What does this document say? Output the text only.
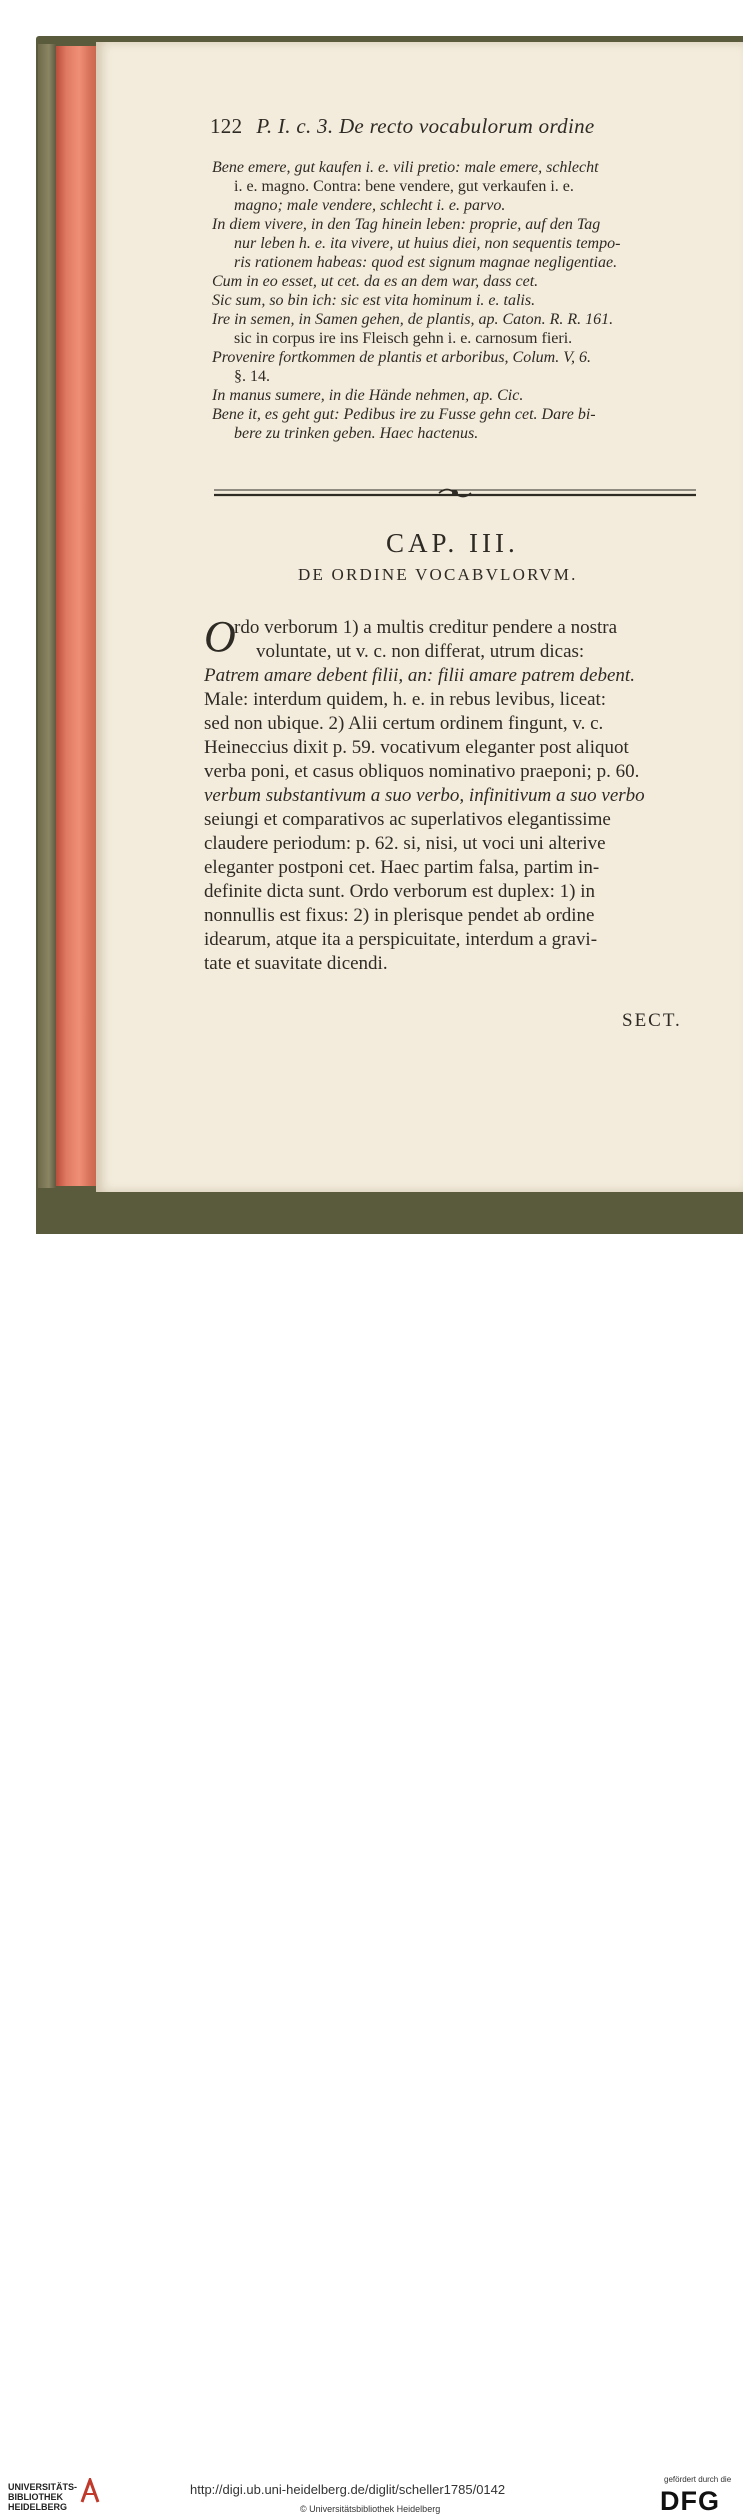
122 P. I. c. 3. De recto vocabulorum ordine
Bene emere, gut kaufen i. e. vili pretio: male emere, schlecht
i. e. magno. Contra: bene vendere, gut verkaufen i. e.
magno; male vendere, schlecht i. e. parvo.
In diem vivere, in den Tag hinein leben: proprie, auf den Tag
nur leben h. e. ita vivere, ut huius diei, non sequentis tempo-
ris rationem habeas: quod est signum magnae negligentiae.
Cum in eo esset, ut cet. da es an dem war, dass cet.
Sic sum, so bin ich: sic est vita hominum i. e. talis.
Ire in semen, in Samen gehen, de plantis, ap. Caton. R. R. 161.
sic in corpus ire ins Fleisch gehn i. e. carnosum fieri.
Provenire fortkommen de plantis et arboribus, Colum. V, 6.
§. 14.
In manus sumere, in die Hände nehmen, ap. Cic.
Bene it, es geht gut: Pedibus ire zu Fusse gehn cet. Dare bi-
bere zu trinken geben. Haec hactenus.
CAP. III.
DE ORDINE VOCABVLORVM.
O
rdo verborum 1) a multis creditur pendere a nostra
voluntate, ut v. c. non differat, utrum dicas:
Patrem amare debent filii, an: filii amare patrem debent.
Male: interdum quidem, h. e. in rebus levibus, liceat:
sed non ubique. 2) Alii certum ordinem fingunt, v. c.
Heineccius dixit p. 59. vocativum eleganter post aliquot
verba poni, et casus obliquos nominativo praeponi; p. 60.
verbum substantivum a suo verbo, infinitivum a suo verbo
seiungi et comparativos ac superlativos elegantissime
claudere periodum: p. 62. si, nisi, ut voci uni alterive
eleganter postponi cet. Haec partim falsa, partim in-
definite dicta sunt. Ordo verborum est duplex: 1) in
nonnullis est fixus: 2) in plerisque pendet ab ordine
idearum, atque ita a perspicuitate, interdum a gravi-
tate et suavitate dicendi.
SECT.
UNIVERSITÄTS-
BIBLIOTHEK
HEIDELBERG
http://digi.ub.uni-heidelberg.de/diglit/scheller1785/0142
© Universitätsbibliothek Heidelberg
gefördert durch die
DFG
